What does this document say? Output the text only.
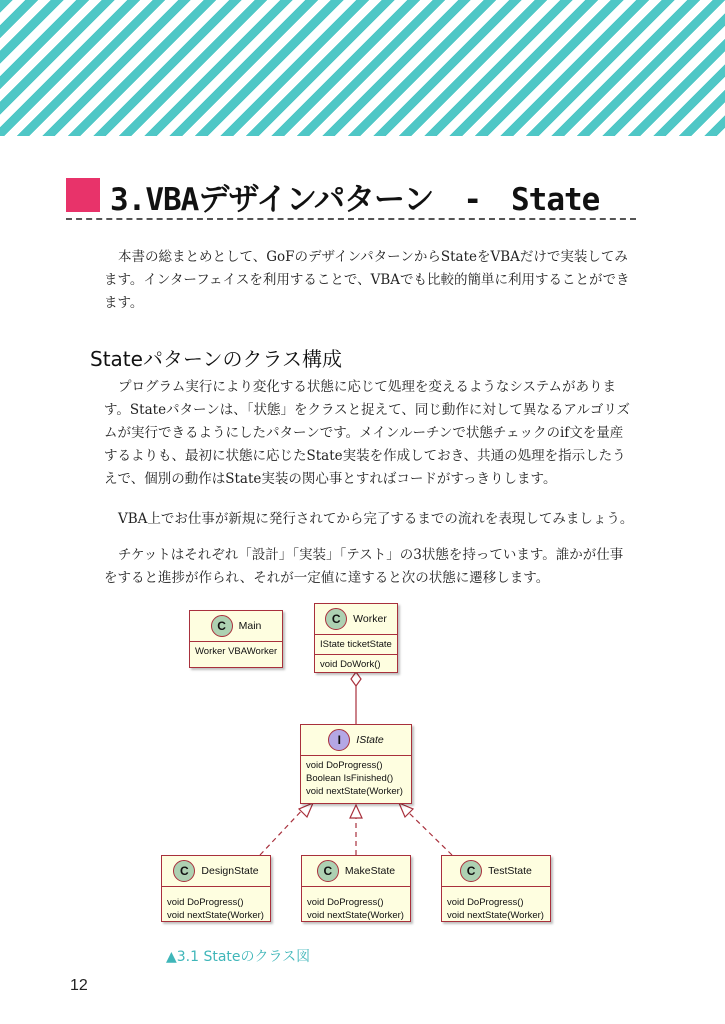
3.VBAデザインパターン　-　State

本書の総まとめとして、GoFのデザインパターンからStateをVBAだけで実装してみます。インターフェイスを利用することで、VBAでも比較的簡単に利用することができます。

Stateパターンのクラス構成

プログラム実行により変化する状態に応じて処理を変えるようなシステムがあります。Stateパターンは、「状態」をクラスと捉えて、同じ動作に対して異なるアルゴリズムが実行できるようにしたパターンです。メインルーチンで状態チェックのif文を量産するよりも、最初に状態に応じたState実装を作成しておき、共通の処理を指示したうえで、個別の動作はState実装の関心事とすればコードがすっきりします。

VBA上でお仕事が新規に発行されてから完了するまでの流れを表現してみましょう。

チケットはそれぞれ「設計」「実装」「テスト」の3状態を持っています。誰かが仕事をすると進捗が作られ、それが一定値に達すると次の状態に遷移します。

C	Main
Worker VBAWorker
C	Worker
IState ticketState
void DoWork()
I	IState
void DoProgress()
Boolean IsFinished()
void nextState(Worker)
C	DesignState
void DoProgress()
void nextState(Worker)
C	MakeState
void DoProgress()
void nextState(Worker)
C	TestState
void DoProgress()
void nextState(Worker)

▲3.1 Stateのクラス図

12
